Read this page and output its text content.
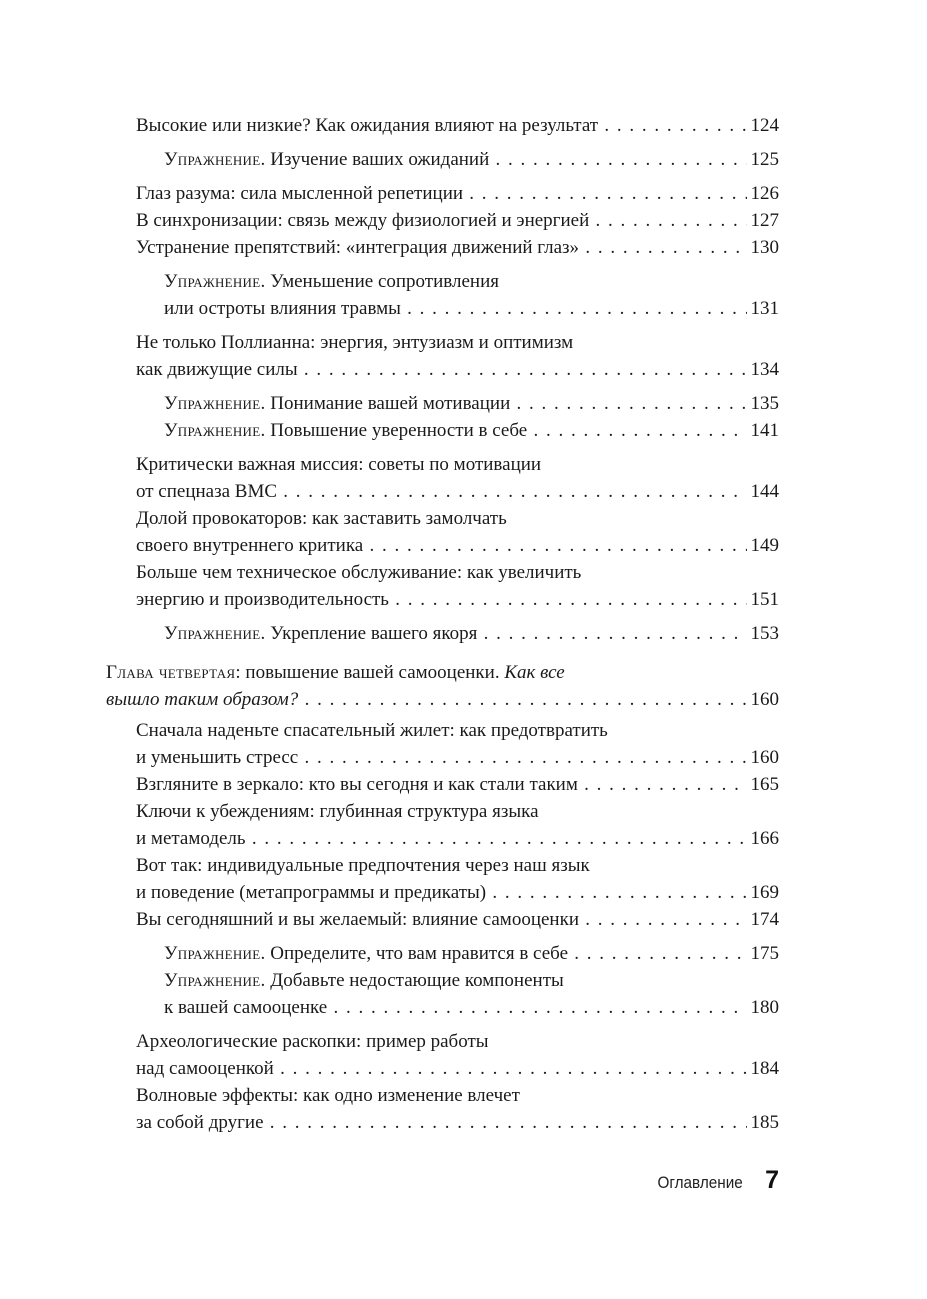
Высокие или низкие? Как ожидания влияют на результат . . .	124
Упражнение. Изучение ваших ожиданий . . .	125
Глаз разума: сила мысленной репетиции . . .	126
В синхронизации: связь между физиологией и энергией . . .	127
Устранение препятствий: «интеграция движений глаз» . . .	130
Упражнение. Уменьшение сопротивления
или остроты влияния травмы . . .	131
Не только Поллианна: энергия, энтузиазм и оптимизм
как движущие силы . . .	134
Упражнение. Понимание вашей мотивации . . .	135
Упражнение. Повышение уверенности в себе . . .	141
Критически важная миссия: советы по мотивации
от спецназа ВМС . . .	144
Долой провокаторов: как заставить замолчать
своего внутреннего критика . . .	149
Больше чем техническое обслуживание: как увеличить
энергию и производительность . . .	151
Упражнение. Укрепление вашего якоря . . .	153
Глава четвертая: повышение вашей самооценки. Как все
вышло таким образом? . . .	160
Сначала наденьте спасательный жилет: как предотвратить
и уменьшить стресс . . .	160
Взгляните в зеркало: кто вы сегодня и как стали таким . . .	165
Ключи к убеждениям: глубинная структура языка
и метамодель . . .	166
Вот так: индивидуальные предпочтения через наш язык
и поведение (метапрограммы и предикаты) . . .	169
Вы сегодняшний и вы желаемый: влияние самооценки . . .	174
Упражнение. Определите, что вам нравится в себе . . .	175
Упражнение. Добавьте недостающие компоненты
к вашей самооценке . . .	180
Археологические раскопки: пример работы
над самооценкой . . .	184
Волновые эффекты: как одно изменение влечет
за собой другие . . .	185
Оглавление 7
